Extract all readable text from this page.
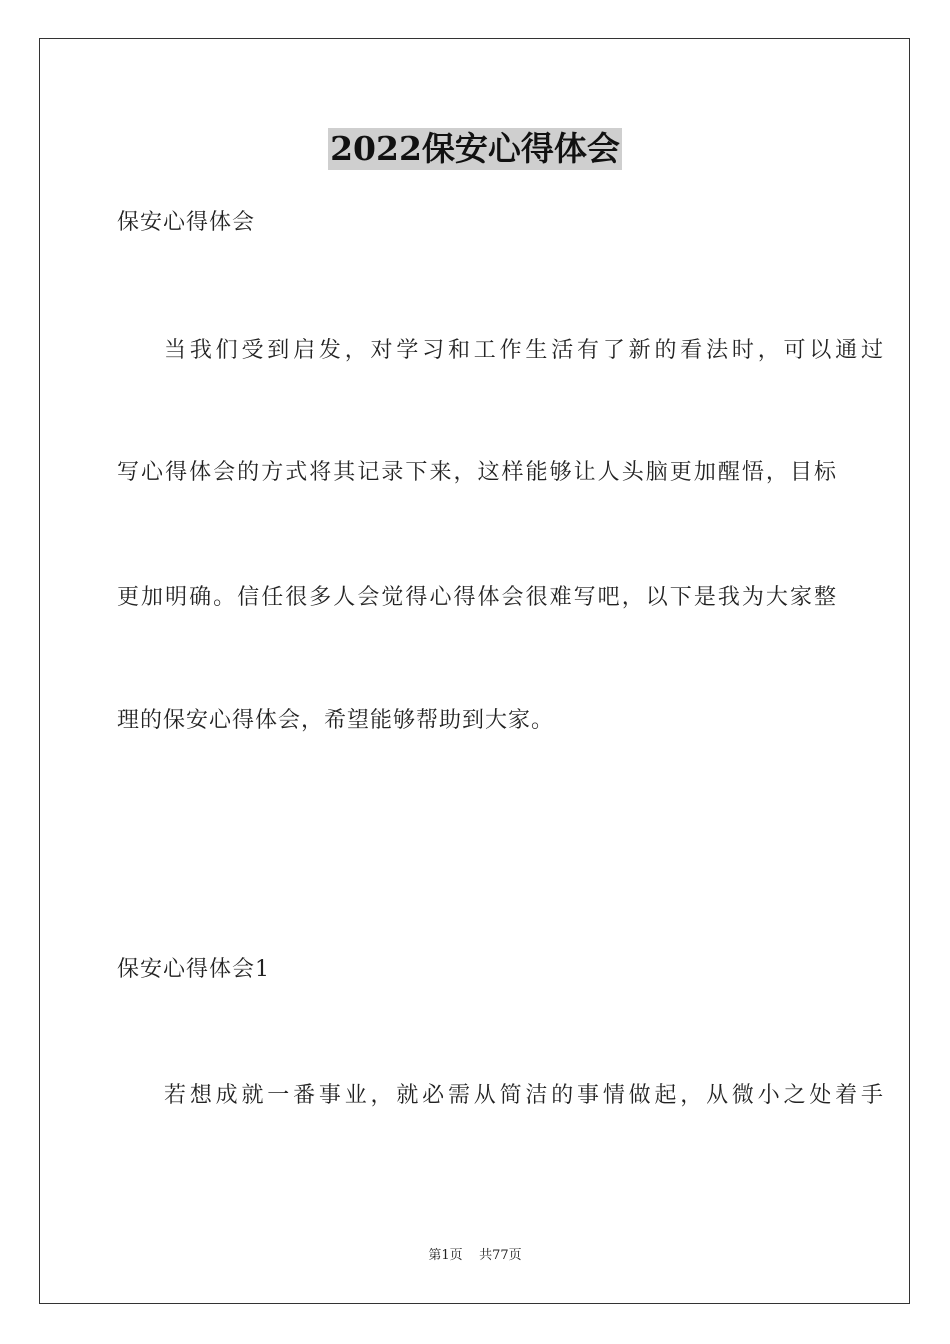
2022保安心得体会
保安心得体会
当我们受到启发，对学习和工作生活有了新的看法时，可以通过
写心得体会的方式将其记录下来，这样能够让人头脑更加醒悟，目标
更加明确。信任很多人会觉得心得体会很难写吧，以下是我为大家整
理的保安心得体会，希望能够帮助到大家。
保安心得体会1
若想成就一番事业，就必需从简洁的事情做起，从微小之处着手
第1页 共77页
